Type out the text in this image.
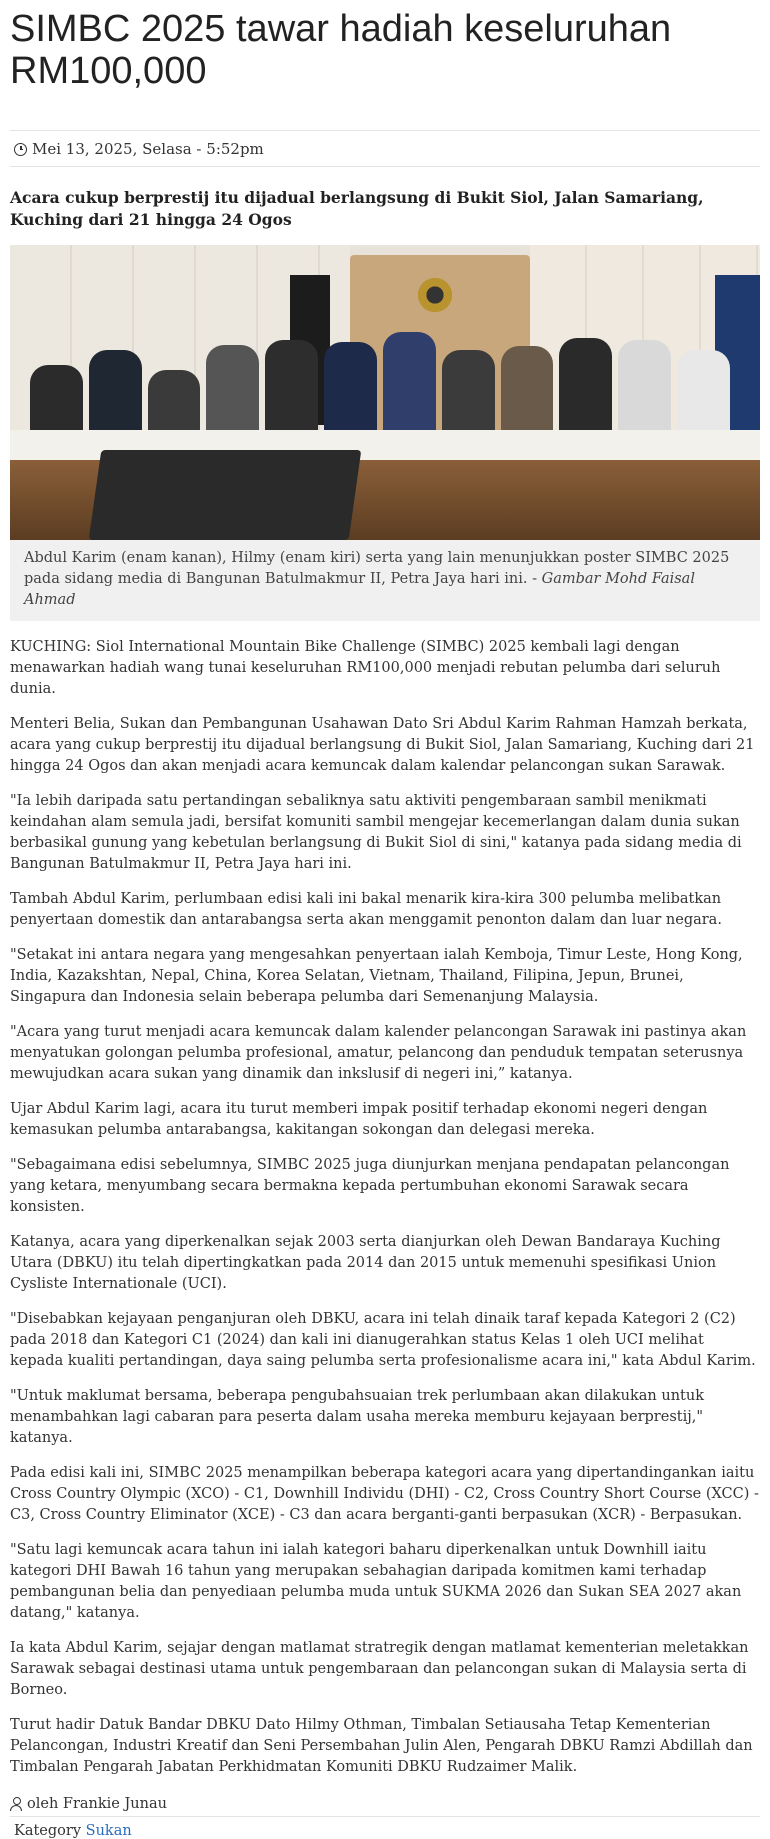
SIMBC 2025 tawar hadiah keseluruhan RM100,000
Mei 13, 2025, Selasa - 5:52pm
Acara cukup berprestij itu dijadual berlangsung di Bukit Siol, Jalan Samariang, Kuching dari 21 hingga 24 Ogos
Abdul Karim (enam kanan), Hilmy (enam kiri) serta yang lain menunjukkan poster SIMBC 2025 pada sidang media di Bangunan Batulmakmur II, Petra Jaya hari ini. - Gambar Mohd Faisal Ahmad

KUCHING: Siol International Mountain Bike Challenge (SIMBC) 2025 kembali lagi dengan menawarkan hadiah wang tunai keseluruhan RM100,000 menjadi rebutan pelumba dari seluruh dunia.

Menteri Belia, Sukan dan Pembangunan Usahawan Dato Sri Abdul Karim Rahman Hamzah berkata, acara yang cukup berprestij itu dijadual berlangsung di Bukit Siol, Jalan Samariang, Kuching dari 21 hingga 24 Ogos dan akan menjadi acara kemuncak dalam kalendar pelancongan sukan Sarawak.

"Ia lebih daripada satu pertandingan sebaliknya satu aktiviti pengembaraan sambil menikmati keindahan alam semula jadi, bersifat komuniti sambil mengejar kecemerlangan dalam dunia sukan berbasikal gunung yang kebetulan berlangsung di Bukit Siol di sini," katanya pada sidang media di Bangunan Batulmakmur II, Petra Jaya hari ini.

Tambah Abdul Karim, perlumbaan edisi kali ini bakal menarik kira-kira 300 pelumba melibatkan penyertaan domestik dan antarabangsa serta akan menggamit penonton dalam dan luar negara.

"Setakat ini antara negara yang mengesahkan penyertaan ialah Kemboja, Timur Leste, Hong Kong, India, Kazakshtan, Nepal, China, Korea Selatan, Vietnam, Thailand, Filipina, Jepun, Brunei, Singapura dan Indonesia selain beberapa pelumba dari Semenanjung Malaysia.

"Acara yang turut menjadi acara kemuncak dalam kalender pelancongan Sarawak ini pastinya akan menyatukan golongan pelumba profesional, amatur, pelancong dan penduduk tempatan seterusnya mewujudkan acara sukan yang dinamik dan inkslusif di negeri ini,” katanya.

Ujar Abdul Karim lagi, acara itu turut memberi impak positif terhadap ekonomi negeri dengan kemasukan pelumba antarabangsa, kakitangan sokongan dan delegasi mereka.

"Sebagaimana edisi sebelumnya, SIMBC 2025 juga diunjurkan menjana pendapatan pelancongan yang ketara, menyumbang secara bermakna kepada pertumbuhan ekonomi Sarawak secara konsisten.

Katanya, acara yang diperkenalkan sejak 2003 serta dianjurkan oleh Dewan Bandaraya Kuching Utara (DBKU) itu telah dipertingkatkan pada 2014 dan 2015 untuk memenuhi spesifikasi Union Cysliste Internationale (UCI).

"Disebabkan kejayaan penganjuran oleh DBKU, acara ini telah dinaik taraf kepada Kategori 2 (C2) pada 2018 dan Kategori C1 (2024) dan kali ini dianugerahkan status Kelas 1 oleh UCI melihat kepada kualiti pertandingan, daya saing pelumba serta profesionalisme acara ini," kata Abdul Karim.

"Untuk maklumat bersama, beberapa pengubahsuaian trek perlumbaan akan dilakukan untuk menambahkan lagi cabaran para peserta dalam usaha mereka memburu kejayaan berprestij," katanya.

Pada edisi kali ini, SIMBC 2025 menampilkan beberapa kategori acara yang dipertandingankan iaitu Cross Country Olympic (XCO) - C1, Downhill Individu (DHI) - C2, Cross Country Short Course (XCC) - C3, Cross Country Eliminator (XCE) - C3 dan acara berganti-ganti berpasukan (XCR) - Berpasukan.

"Satu lagi kemuncak acara tahun ini ialah kategori baharu diperkenalkan untuk Downhill iaitu kategori DHI Bawah 16 tahun yang merupakan sebahagian daripada komitmen kami terhadap pembangunan belia dan penyediaan pelumba muda untuk SUKMA 2026 dan Sukan SEA 2027 akan datang," katanya.

Ia kata Abdul Karim, sejajar dengan matlamat stratregik dengan matlamat kementerian meletakkan Sarawak sebagai destinasi utama untuk pengembaraan dan pelancongan sukan di Malaysia serta di Borneo.

Turut hadir Datuk Bandar DBKU Dato Hilmy Othman, Timbalan Setiausaha Tetap Kementerian Pelancongan, Industri Kreatif dan Seni Persembahan Julin Alen, Pengarah DBKU Ramzi Abdillah dan Timbalan Pengarah Jabatan Perkhidmatan Komuniti DBKU Rudzaimer Malik.

oleh Frankie Junau
Kategory Sukan
